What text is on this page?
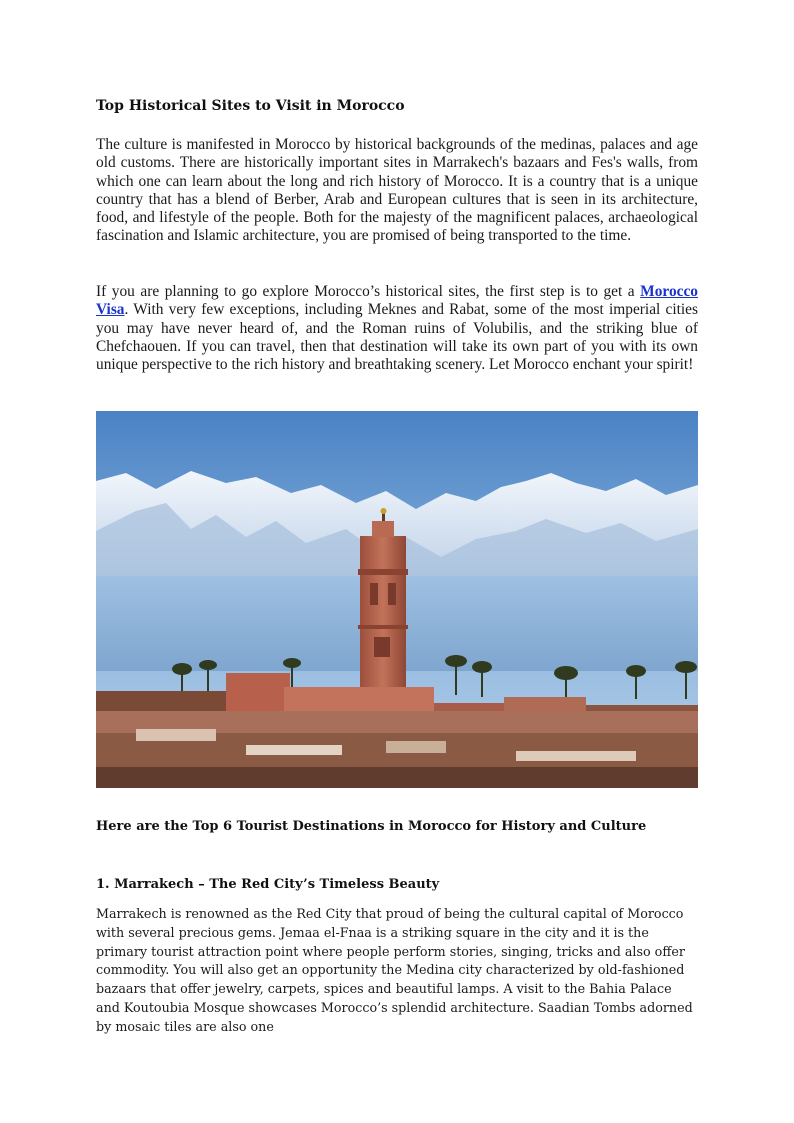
Top Historical Sites to Visit in Morocco

The culture is manifested in Morocco by historical backgrounds of the medinas, palaces and age old customs. There are historically important sites in Marrakech's bazaars and Fes's walls, from which one can learn about the long and rich history of Morocco. It is a country that is a unique country that has a blend of Berber, Arab and European cultures that is seen in its architecture, food, and lifestyle of the people. Both for the majesty of the magnificent palaces, archaeological fascination and Islamic architecture, you are promised of being transported to the time.

If you are planning to go explore Morocco’s historical sites, the first step is to get a Morocco Visa. With very few exceptions, including Meknes and Rabat, some of the most imperial cities you may have never heard of, and the Roman ruins of Volubilis, and the striking blue of Chefchaouen. If you can travel, then that destination will take its own part of you with its own unique perspective to the rich history and breathtaking scenery. Let Morocco enchant your spirit!

Here are the Top 6 Tourist Destinations in Morocco for History and Culture
1. Marrakech – The Red City’s Timeless Beauty

Marrakech is renowned as the Red City that proud of being the cultural capital of Morocco with several precious gems. Jemaa el-Fnaa is a striking square in the city and it is the primary tourist attraction point where people perform stories, singing, tricks and also offer commodity. You will also get an opportunity the Medina city characterized by old-fashioned bazaars that offer jewelry, carpets, spices and beautiful lamps. A visit to the Bahia Palace and Koutoubia Mosque showcases Morocco’s splendid architecture. Saadian Tombs adorned by mosaic tiles are also one
